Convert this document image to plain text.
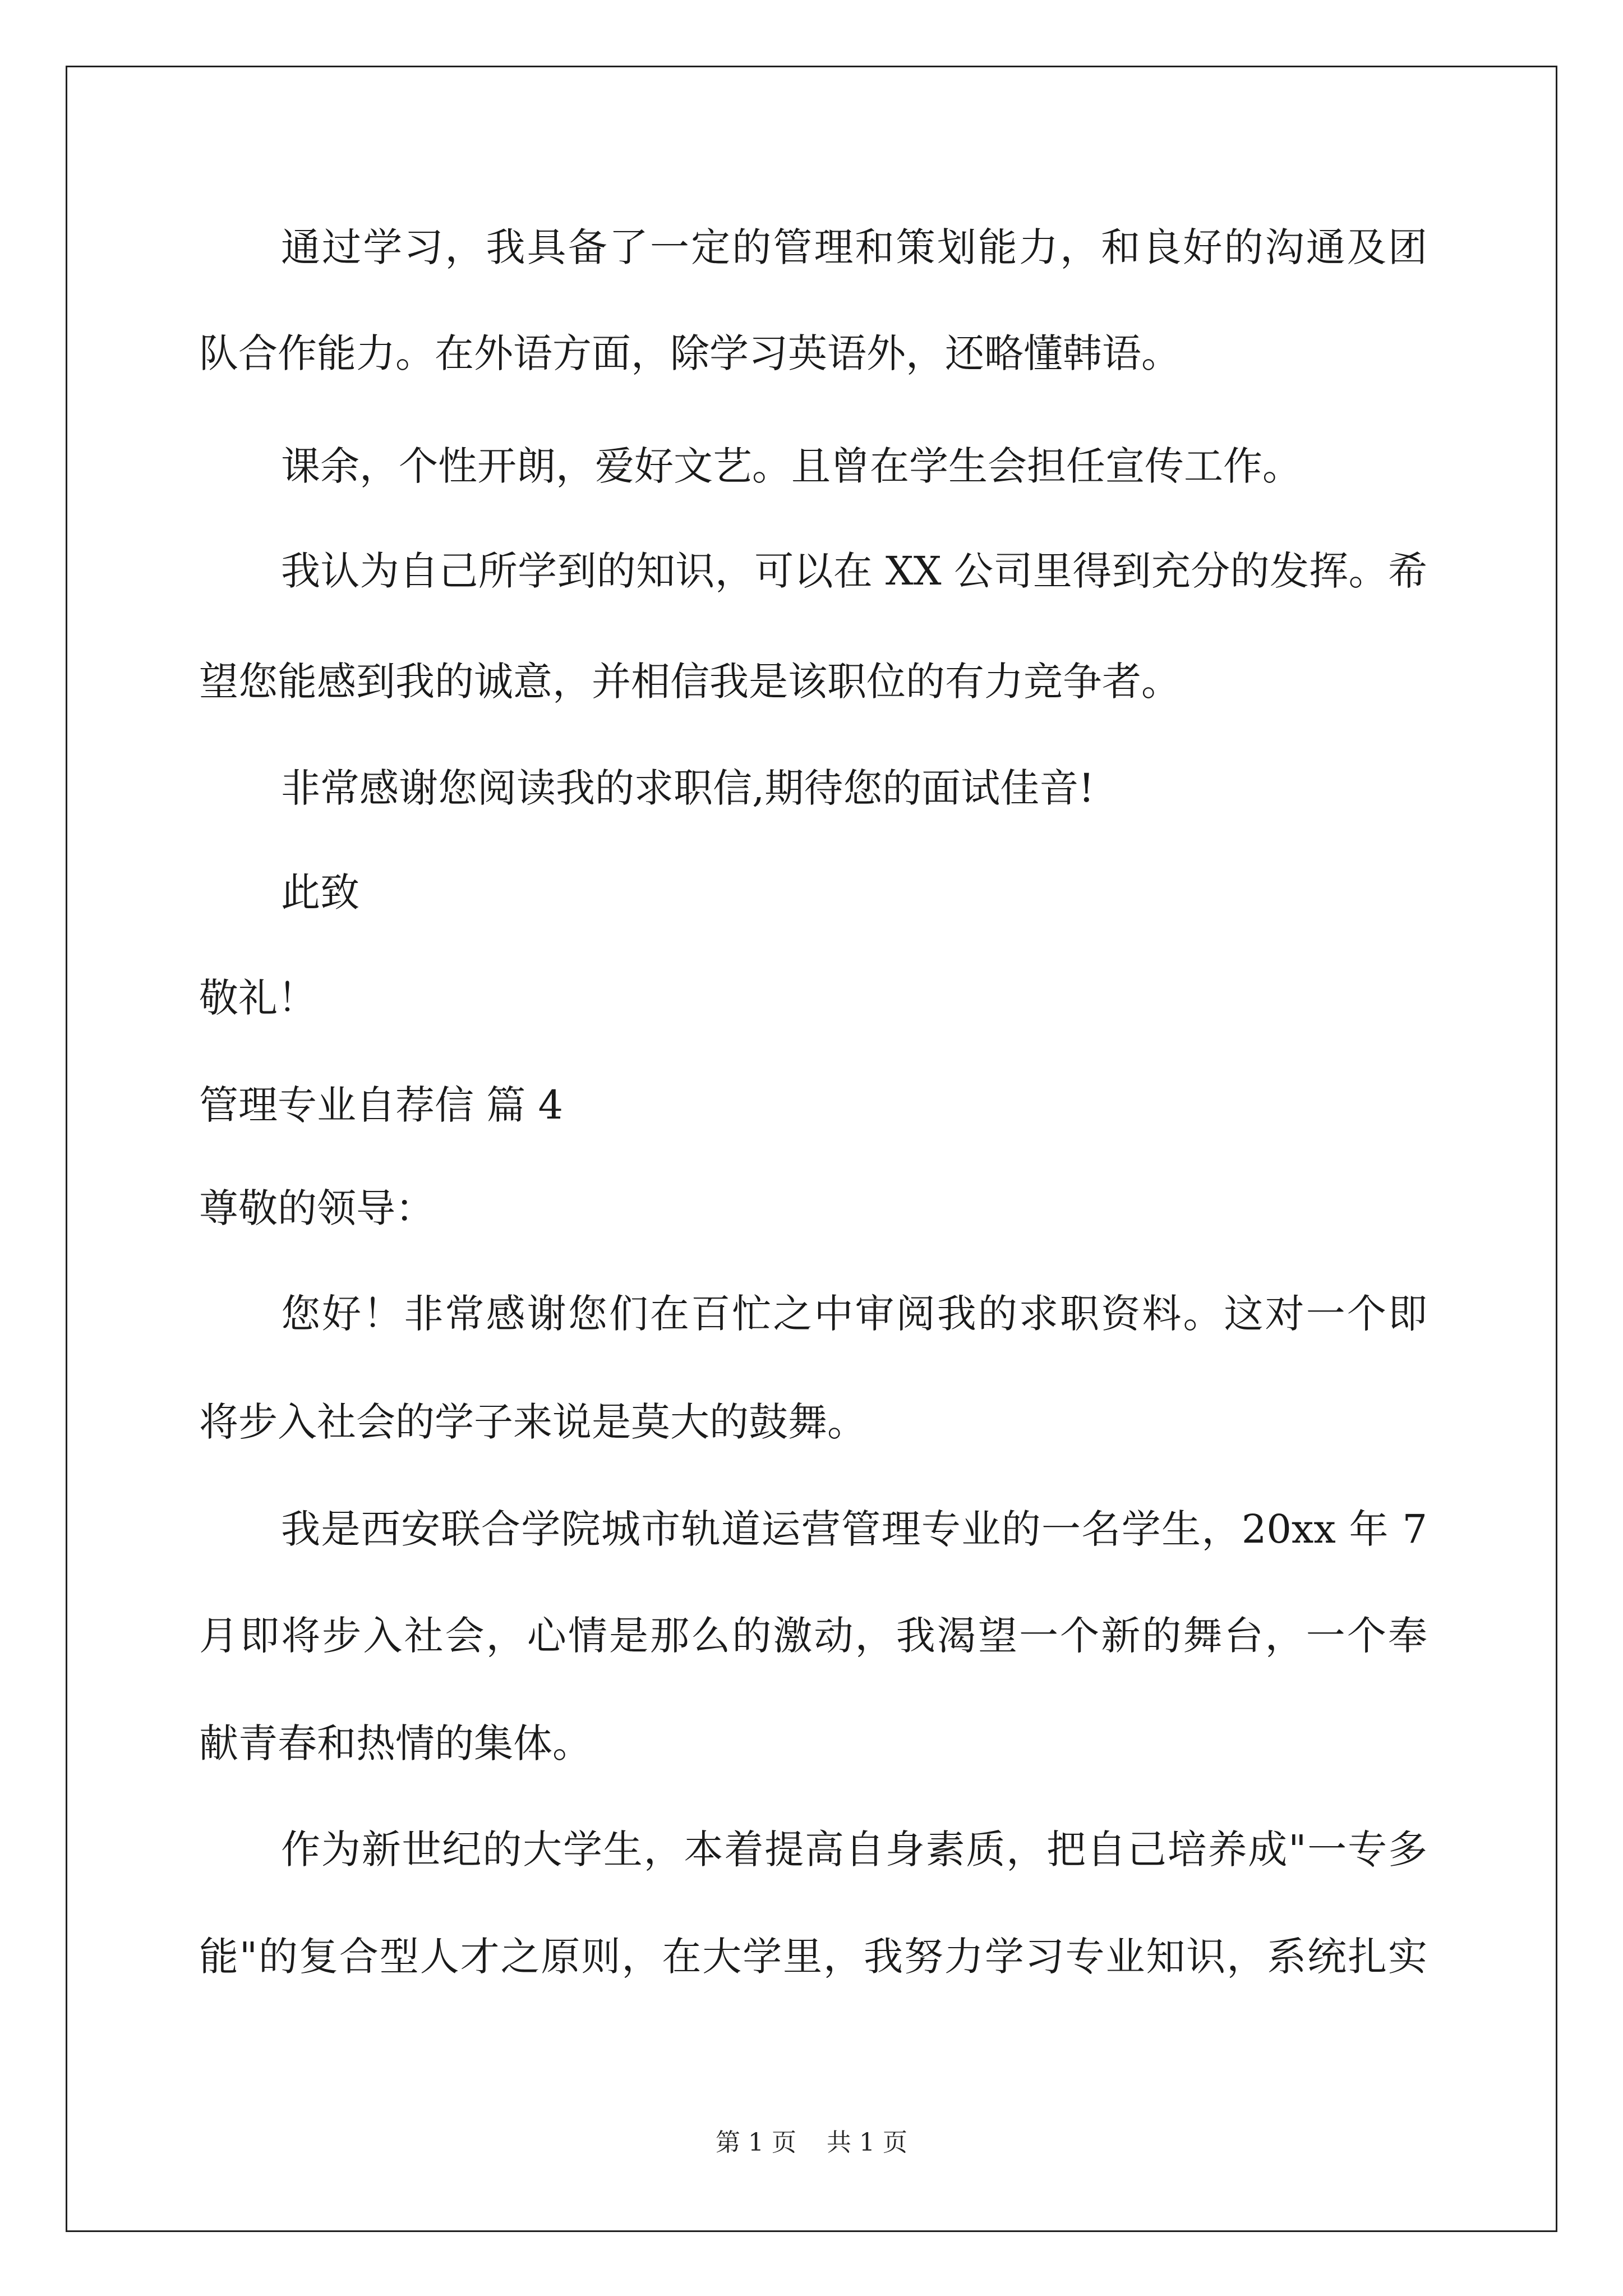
通过学习，我具备了一定的管理和策划能力，和良好的沟通及团
队合作能力。在外语方面，除学习英语外，还略懂韩语。
课余，个性开朗，爱好文艺。且曾在学生会担任宣传工作。
我认为自己所学到的知识，可以在 XX 公司里得到充分的发挥。希
望您能感到我的诚意，并相信我是该职位的有力竞争者。
非常感谢您阅读我的求职信,期待您的面试佳音!
此致
敬礼！
管理专业自荐信 篇 4
尊敬的领导：
您好！非常感谢您们在百忙之中审阅我的求职资料。这对一个即
将步入社会的学子来说是莫大的鼓舞。
我是西安联合学院城市轨道运营管理专业的一名学生，20xx 年 7
月即将步入社会，心情是那么的激动，我渴望一个新的舞台，一个奉
献青春和热情的集体。
作为新世纪的大学生，本着提高自身素质，把自己培养成"一专多
能"的复合型人才之原则，在大学里，我努力学习专业知识，系统扎实
第 1 页 共 1 页
